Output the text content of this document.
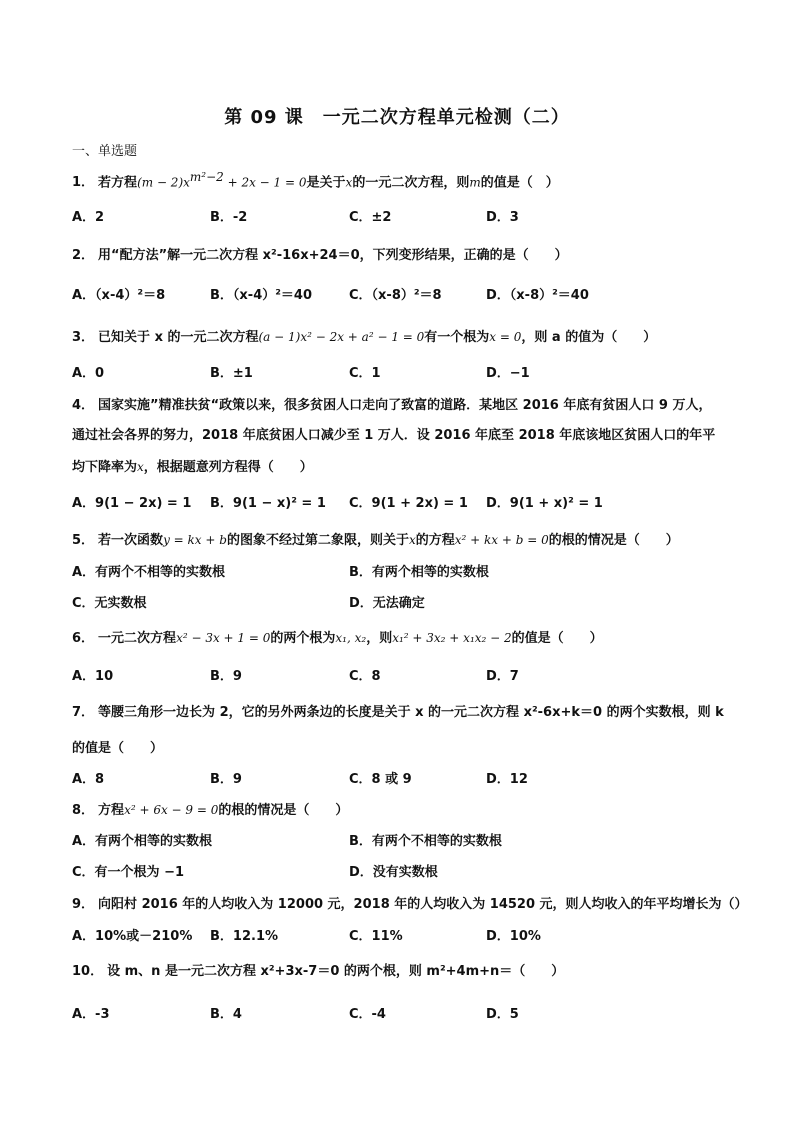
第 09 课　一元二次方程单元检测（二）
一、单选题
1． 若方程$(m - 2)x^{m^2-2} + 2x - 1 = 0$是关于x的一元二次方程，则m的值是（　）
A．2	B．-2	C．±2	D．3
2． 用“配方法”解一元二次方程 x²-16x+24＝0，下列变形结果，正确的是（　　）
A．（x-4）²＝8	B．（x-4）²＝40	C．（x-8）²＝8	D．（x-8）²＝40
3． 已知关于 x 的一元二次方程(a − 1)x² − 2x + a² − 1 = 0有一个根为x = 0，则 a 的值为（　　）
A．0	B．±1	C．1	D．−1
4． 国家实施”精准扶贫“政策以来，很多贫困人口走向了致富的道路．某地区 2016 年底有贫困人口 9 万人，
通过社会各界的努力，2018 年底贫困人口减少至 1 万人．设 2016 年底至 2018 年底该地区贫困人口的年平
均下降率为x，根据题意列方程得（　　）
A．9(1 − 2x) = 1 B．9(1 − x)² = 1 C．9(1 + 2x) = 1 D．9(1 + x)² = 1
5． 若一次函数y = kx + b的图象不经过第二象限，则关于x的方程x² + kx + b = 0的根的情况是（　　）
A．有两个不相等的实数根	B．有两个相等的实数根
C．无实数根	D．无法确定
6． 一元二次方程x² − 3x + 1 = 0的两个根为x₁, x₂，则x₁² + 3x₂ + x₁x₂ − 2的值是（　　）
A．10	B．9	C．8	D．7
7． 等腰三角形一边长为 2，它的另外两条边的长度是关于 x 的一元二次方程 x²-6x+k＝0 的两个实数根，则 k
的值是（　　）
A．8	B．9	C．8 或 9	D．12
8． 方程x² + 6x − 9 = 0的根的情况是（　　）
A．有两个相等的实数根	B．有两个不相等的实数根
C．有一个根为 −1	D．没有实数根
9． 向阳村 2016 年的人均收入为 12000 元，2018 年的人均收入为 14520 元，则人均收入的年平均增长为（）
A．10%或－210% B．12.1%	C．11%	D．10%
10． 设 m、n 是一元二次方程 x²+3x-7＝0 的两个根，则 m²+4m+n＝（　　）
A．-3	B．4	C．-4	D．5
